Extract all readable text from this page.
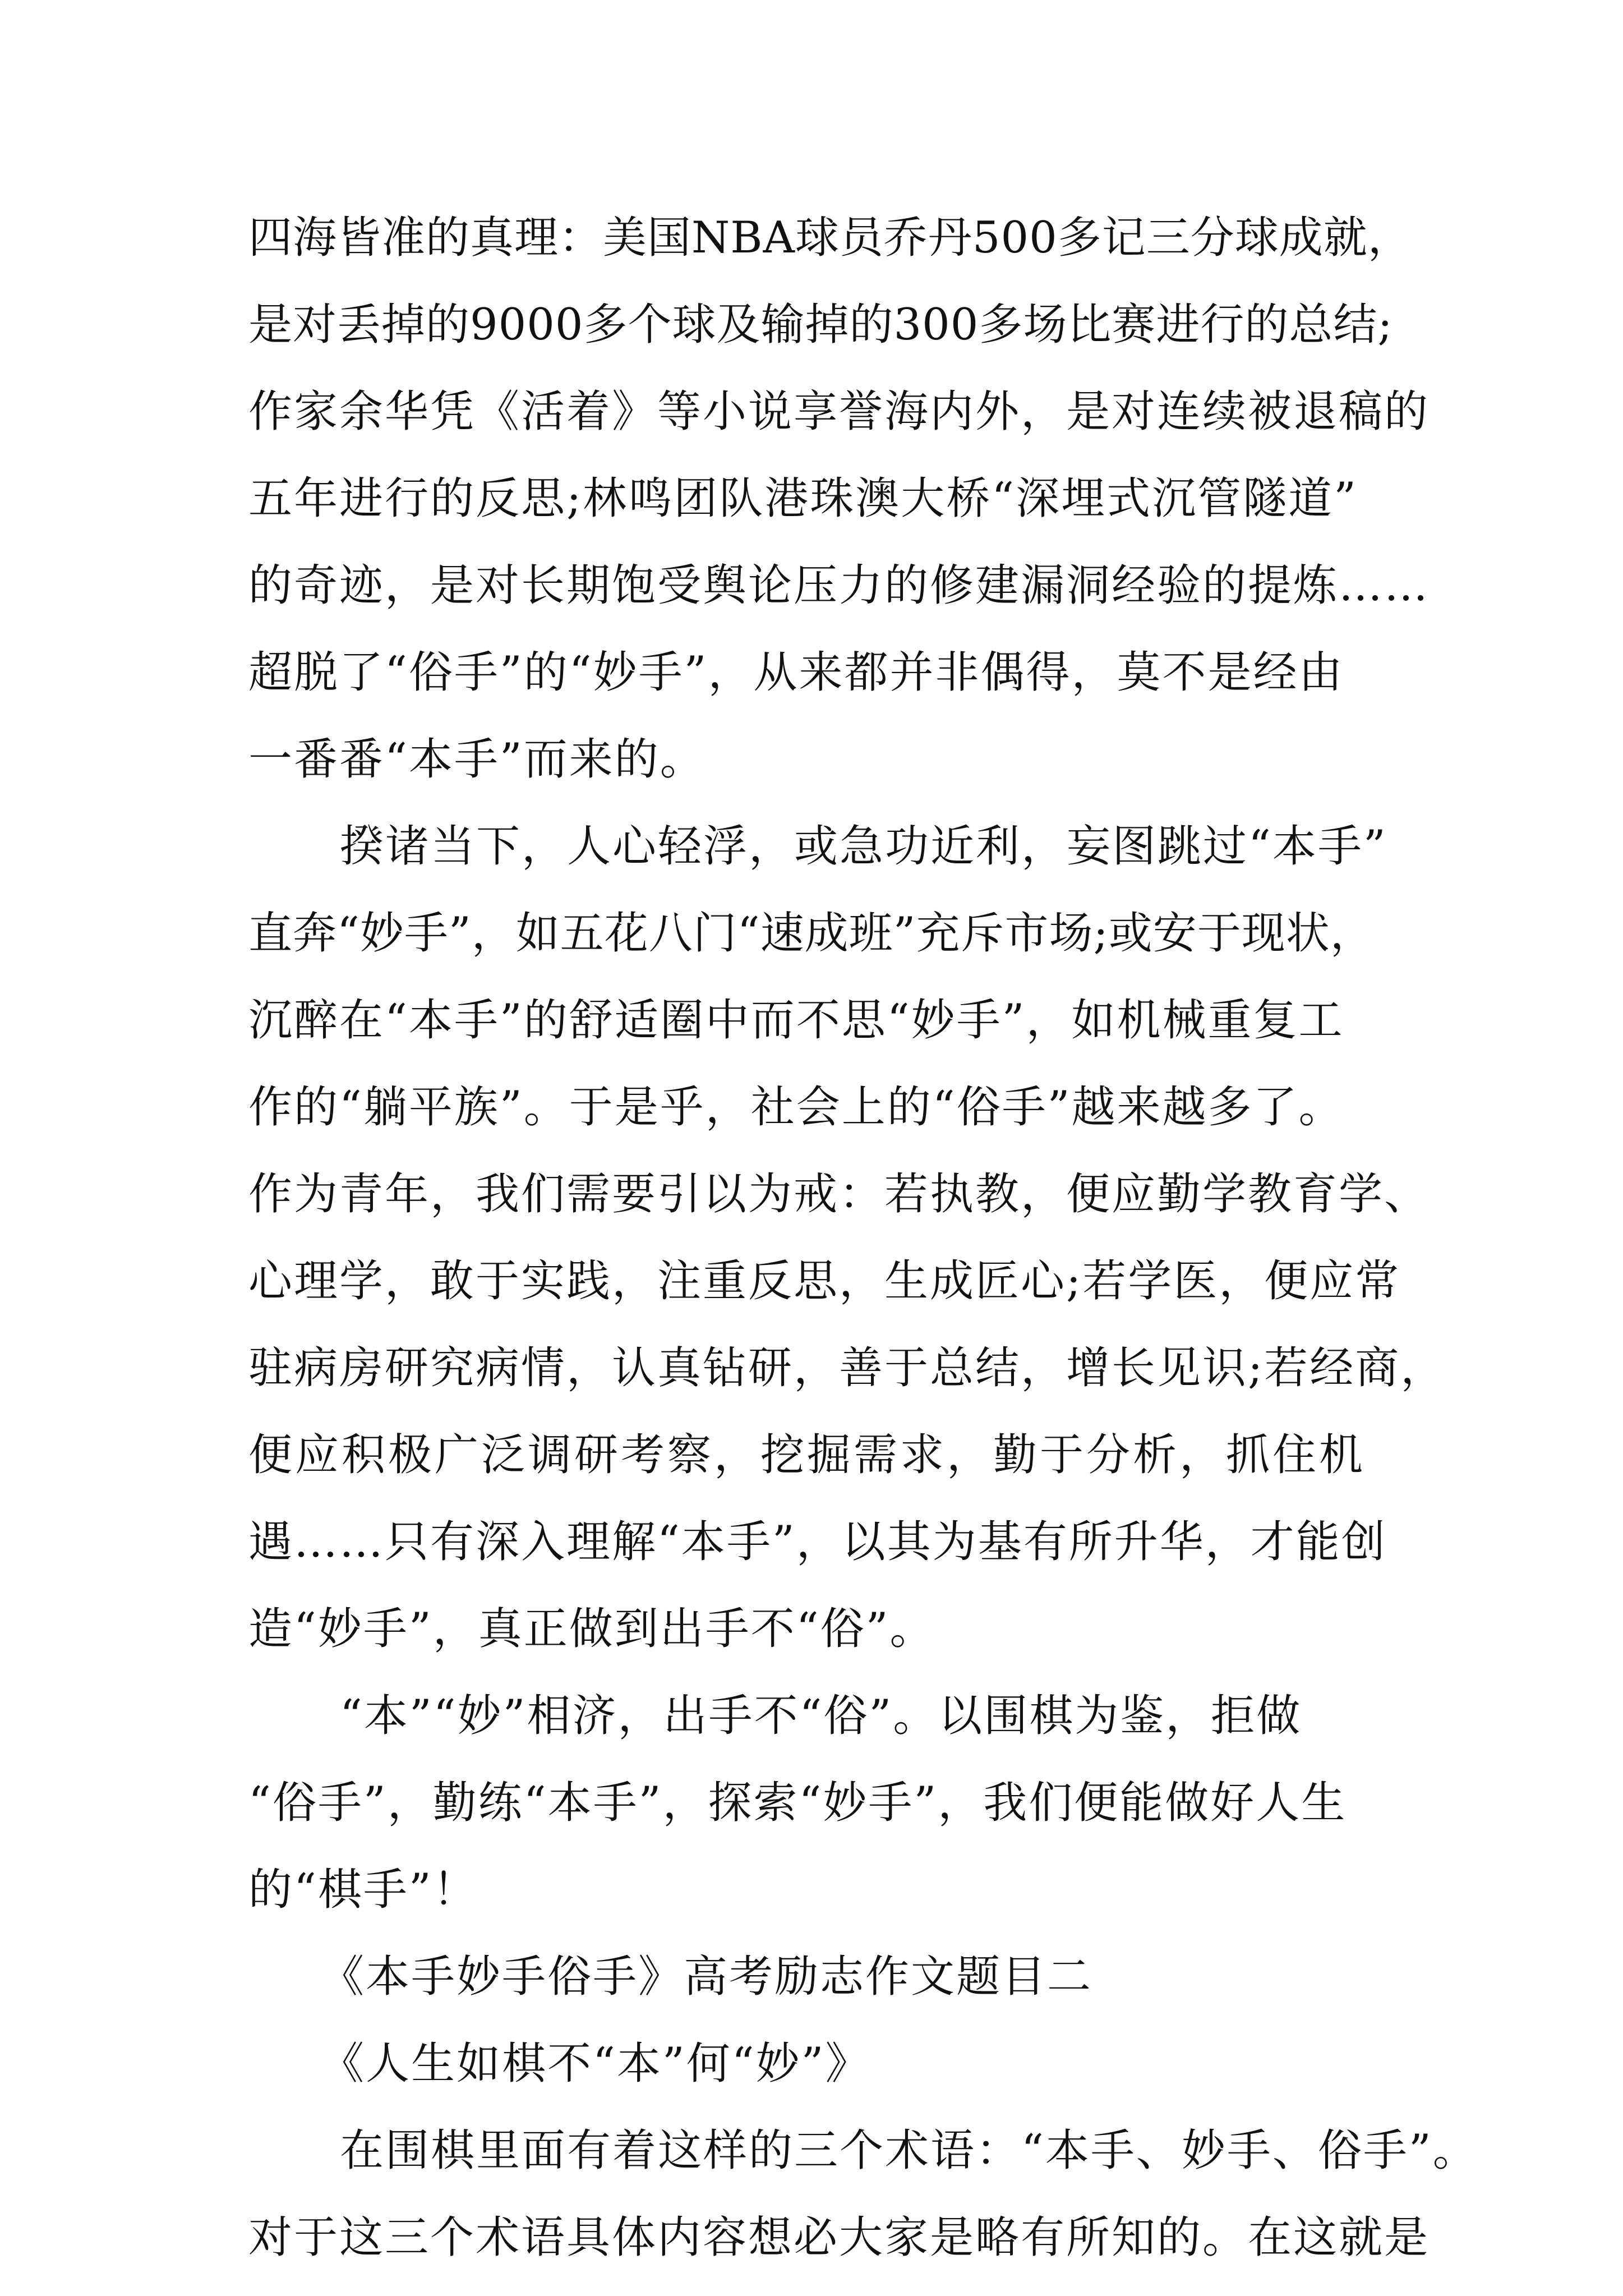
四海皆准的真理：美国NBA球员乔丹500多记三分球成就，
是对丢掉的9000多个球及输掉的300多场比赛进行的总结;
作家余华凭《活着》等小说享誉海内外，是对连续被退稿的
五年进行的反思;林鸣团队港珠澳大桥“深埋式沉管隧道”
的奇迹，是对长期饱受舆论压力的修建漏洞经验的提炼……
超脱了“俗手”的“妙手”，从来都并非偶得，莫不是经由
一番番“本手”而来的。
揆诸当下，人心轻浮，或急功近利，妄图跳过“本手”
直奔“妙手”，如五花八门“速成班”充斥市场;或安于现状，
沉醉在“本手”的舒适圈中而不思“妙手”，如机械重复工
作的“躺平族”。于是乎，社会上的“俗手”越来越多了。
作为青年，我们需要引以为戒：若执教，便应勤学教育学、
心理学，敢于实践，注重反思，生成匠心;若学医，便应常
驻病房研究病情，认真钻研，善于总结，增长见识;若经商，
便应积极广泛调研考察，挖掘需求，勤于分析，抓住机
遇……只有深入理解“本手”，以其为基有所升华，才能创
造“妙手”，真正做到出手不“俗”。
“本”“妙”相济，出手不“俗”。以围棋为鉴，拒做
“俗手”，勤练“本手”，探索“妙手”，我们便能做好人生
的“棋手”！
《本手妙手俗手》高考励志作文题目二
《人生如棋不“本”何“妙”》
在围棋里面有着这样的三个术语：“本手、妙手、俗手”。
对于这三个术语具体内容想必大家是略有所知的。在这就是
